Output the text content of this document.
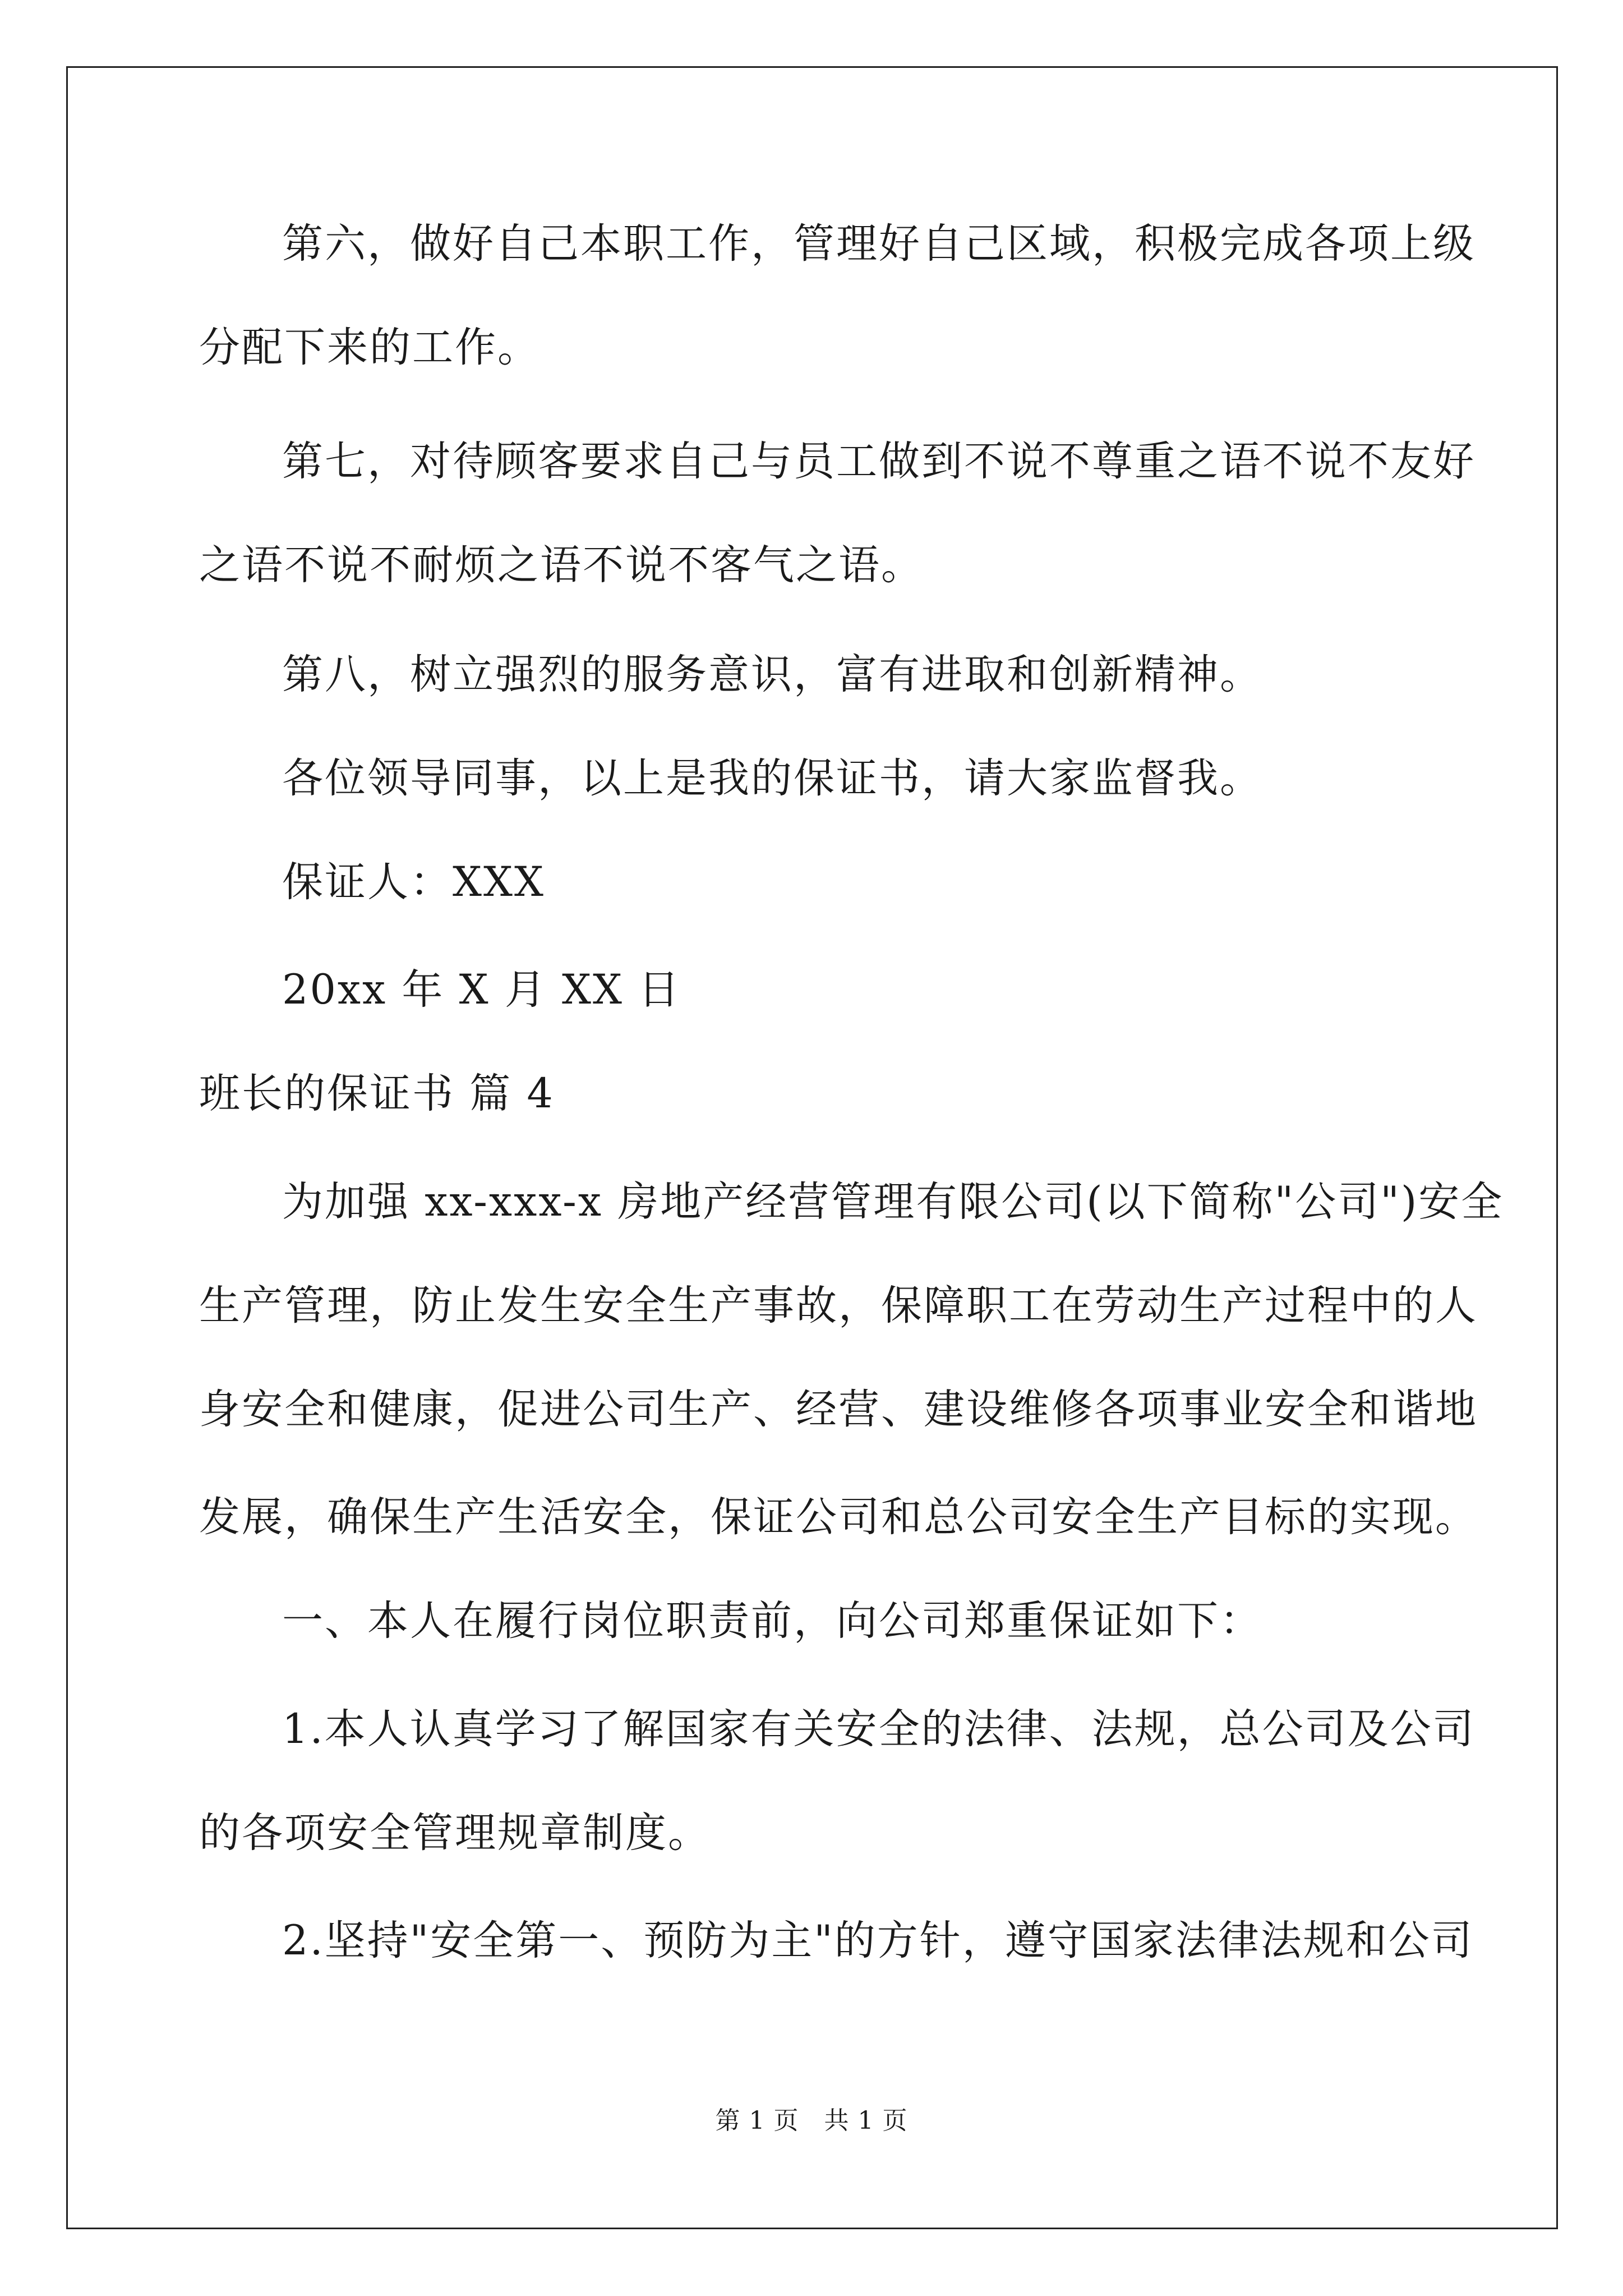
第六，做好自己本职工作，管理好自己区域，积极完成各项上级
分配下来的工作。
第七，对待顾客要求自己与员工做到不说不尊重之语不说不友好
之语不说不耐烦之语不说不客气之语。
第八，树立强烈的服务意识，富有进取和创新精神。
各位领导同事，以上是我的保证书，请大家监督我。
保证人：XXX
20xx 年 X 月 XX 日
班长的保证书 篇 4
为加强 xx-xxx-x 房地产经营管理有限公司(以下简称"公司")安全
生产管理，防止发生安全生产事故，保障职工在劳动生产过程中的人
身安全和健康，促进公司生产、经营、建设维修各项事业安全和谐地
发展，确保生产生活安全，保证公司和总公司安全生产目标的实现。
一、本人在履行岗位职责前，向公司郑重保证如下：
1.本人认真学习了解国家有关安全的法律、法规，总公司及公司
的各项安全管理规章制度。
2.坚持"安全第一、预防为主"的方针，遵守国家法律法规和公司
第 1 页　共 1 页
